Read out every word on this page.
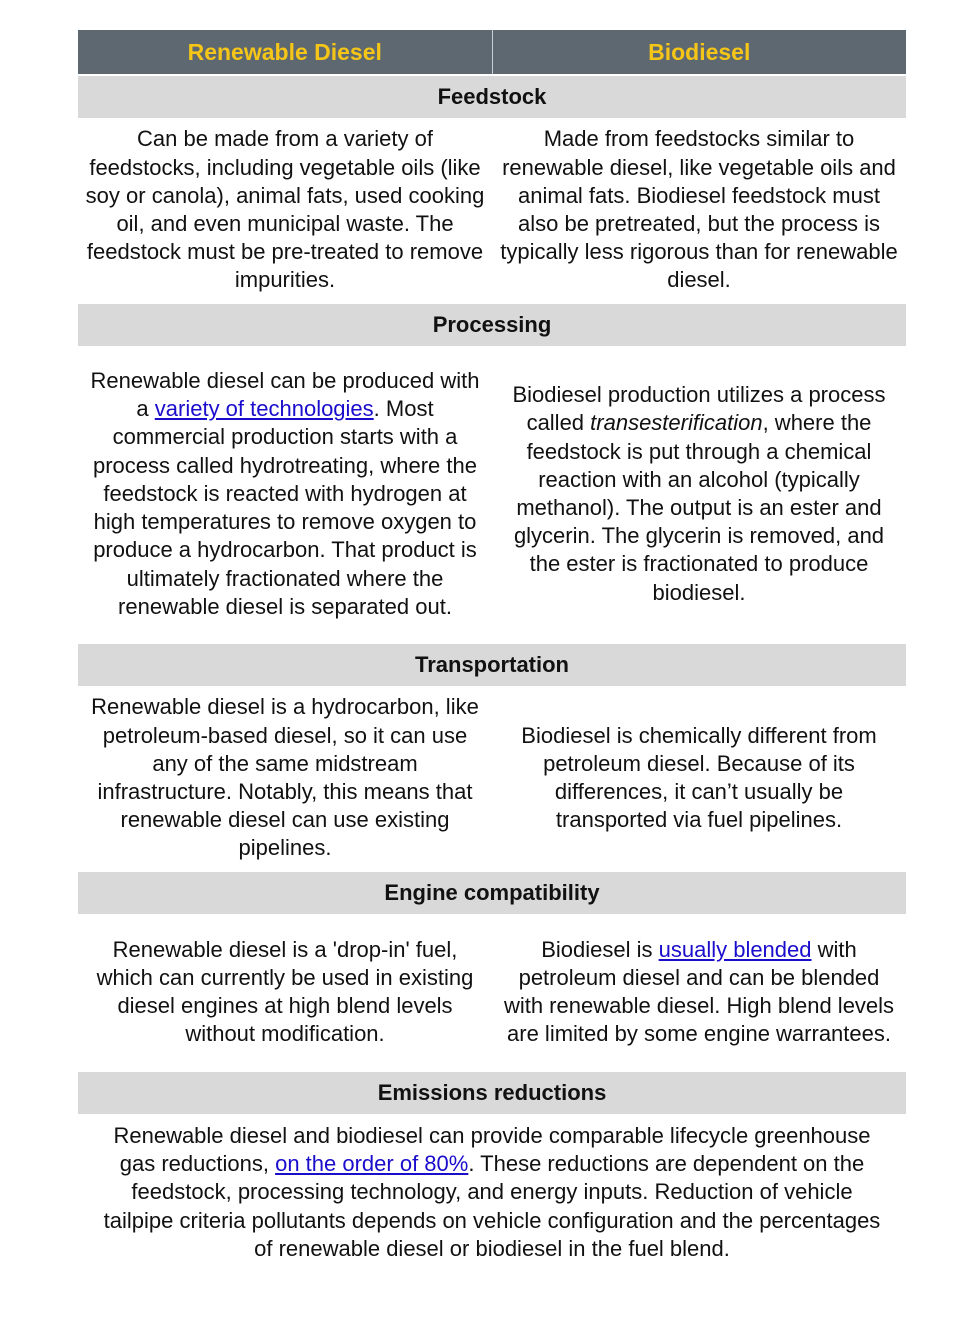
Renewable Diesel	Biodiesel
Feedstock
Can be made from a variety of feedstocks, including vegetable oils (like soy or canola), animal fats, used cooking oil, and even municipal waste. The feedstock must be pre-treated to remove impurities.
Made from feedstocks similar to renewable diesel, like vegetable oils and animal fats. Biodiesel feedstock must also be pretreated, but the process is typically less rigorous than for renewable diesel.
Processing
Renewable diesel can be produced with a variety of technologies. Most commercial production starts with a process called hydrotreating, where the feedstock is reacted with hydrogen at high temperatures to remove oxygen to produce a hydrocarbon. That product is ultimately fractionated where the renewable diesel is separated out.
Biodiesel production utilizes a process called transesterification, where the feedstock is put through a chemical reaction with an alcohol (typically methanol). The output is an ester and glycerin. The glycerin is removed, and the ester is fractionated to produce biodiesel.
Transportation
Renewable diesel is a hydrocarbon, like petroleum-based diesel, so it can use any of the same midstream infrastructure. Notably, this means that renewable diesel can use existing pipelines.
Biodiesel is chemically different from petroleum diesel. Because of its differences, it can’t usually be transported via fuel pipelines.
Engine compatibility
Renewable diesel is a 'drop-in' fuel, which can currently be used in existing diesel engines at high blend levels without modification.
Biodiesel is usually blended with petroleum diesel and can be blended with renewable diesel. High blend levels are limited by some engine warrantees.
Emissions reductions
Renewable diesel and biodiesel can provide comparable lifecycle greenhouse gas reductions, on the order of 80%. These reductions are dependent on the feedstock, processing technology, and energy inputs. Reduction of vehicle tailpipe criteria pollutants depends on vehicle configuration and the percentages of renewable diesel or biodiesel in the fuel blend.
